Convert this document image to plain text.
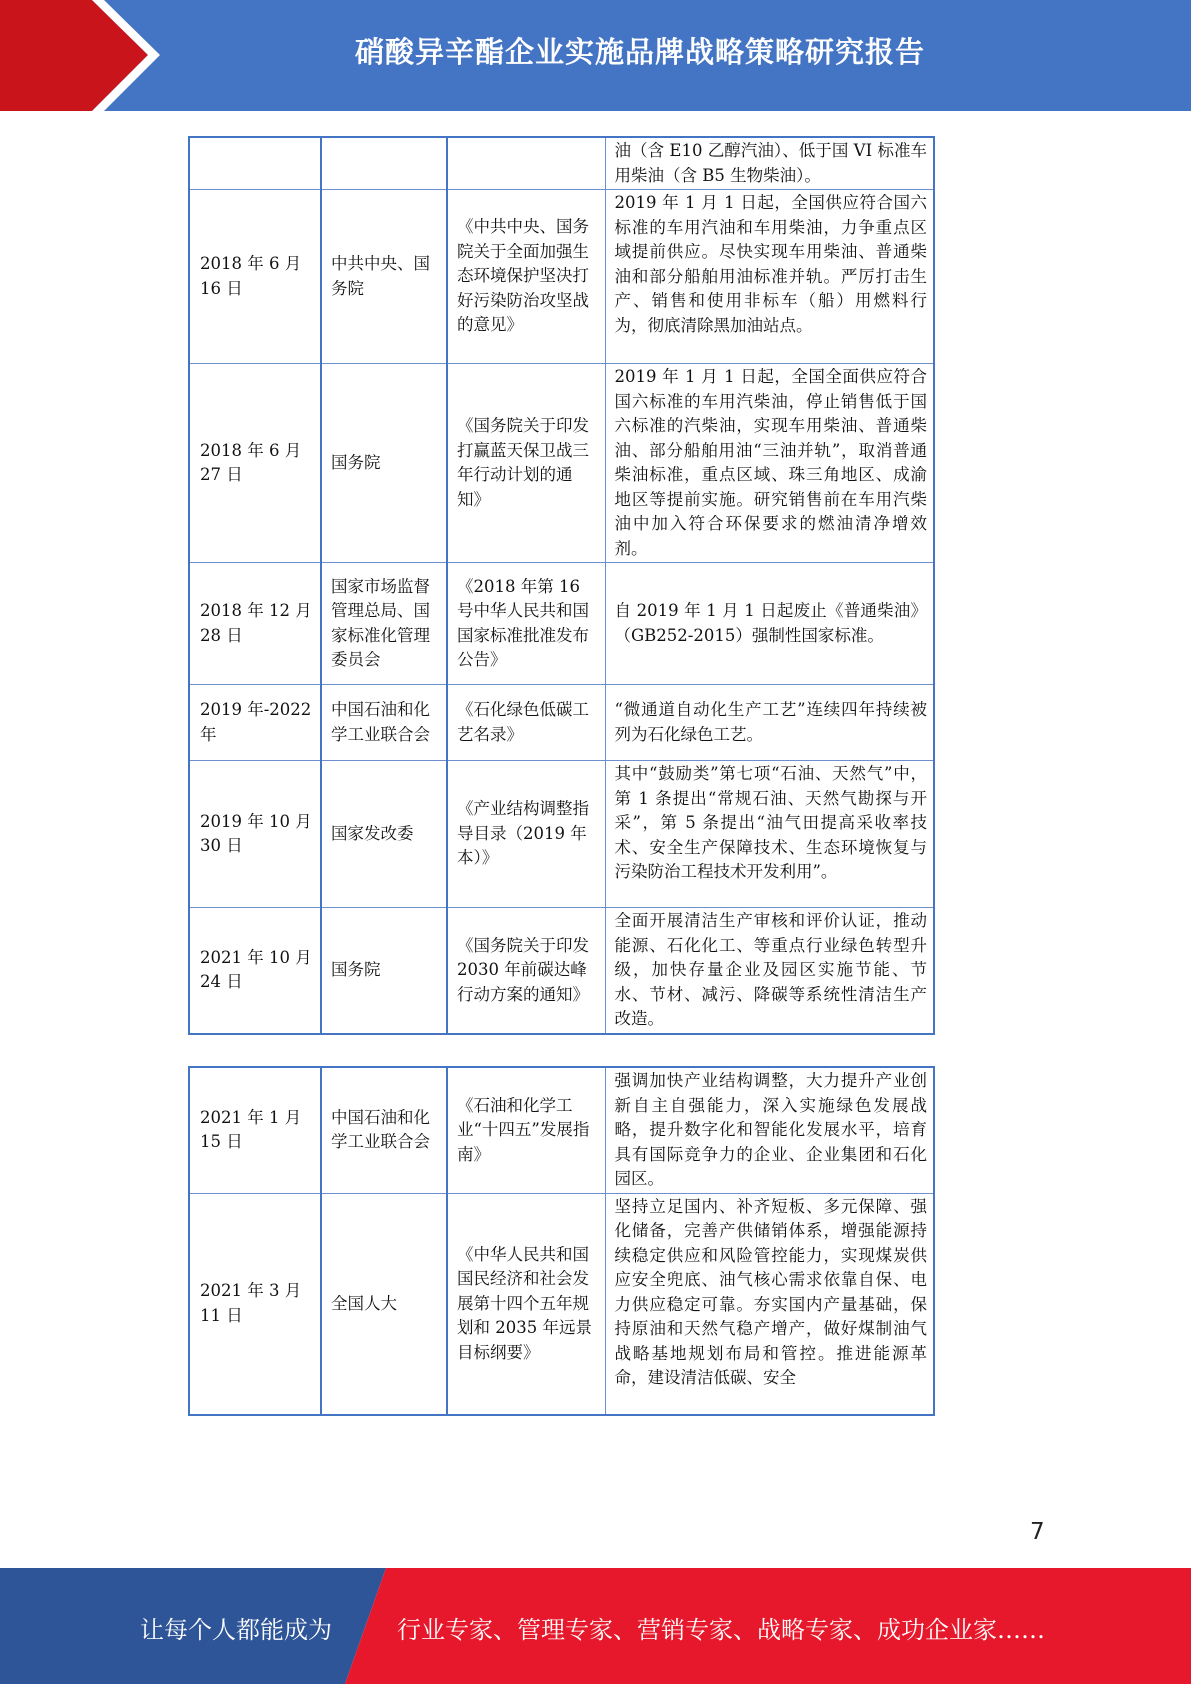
硝酸异辛酯企业实施品牌战略策略研究报告
			油（含 E10 乙醇汽油）、低于国 VI 标准车用柴油（含 B5 生物柴油）。
2018 年 6 月 16 日	中共中央、国务院	《中共中央、国务院关于全面加强生态环境保护坚决打好污染防治攻坚战的意见》	2019 年 1 月 1 日起，全国供应符合国六标准的车用汽油和车用柴油，力争重点区域提前供应。尽快实现车用柴油、普通柴油和部分船舶用油标准并轨。严厉打击生产、销售和使用非标车（船）用燃料行为，彻底清除黑加油站点。
2018 年 6 月 27 日	国务院	《国务院关于印发打赢蓝天保卫战三年行动计划的通知》	2019 年 1 月 1 日起，全国全面供应符合国六标准的车用汽柴油，停止销售低于国六标准的汽柴油，实现车用柴油、普通柴油、部分船舶用油“三油并轨”，取消普通柴油标准，重点区域、珠三角地区、成渝地区等提前实施。研究销售前在车用汽柴油中加入符合环保要求的燃油清净增效剂。
2018 年 12 月 28 日	国家市场监督管理总局、国家标准化管理委员会	《2018 年第 16 号中华人民共和国国家标准批准发布公告》	自 2019 年 1 月 1 日起废止《普通柴油》（GB252-2015）强制性国家标准。
2019 年-2022 年	中国石油和化学工业联合会	《石化绿色低碳工艺名录》	“微通道自动化生产工艺”连续四年持续被列为石化绿色工艺。
2019 年 10 月 30 日	国家发改委	《产业结构调整指导目录（2019 年本）》	其中“鼓励类”第七项“石油、天然气”中，第 1 条提出“常规石油、天然气勘探与开采”，第 5 条提出“油气田提高采收率技术、安全生产保障技术、生态环境恢复与污染防治工程技术开发利用”。
2021 年 10 月 24 日	国务院	《国务院关于印发 2030 年前碳达峰行动方案的通知》	全面开展清洁生产审核和评价认证，推动能源、石化化工、等重点行业绿色转型升级，加快存量企业及园区实施节能、节水、节材、减污、降碳等系统性清洁生产改造。
2021 年 1 月 15 日	中国石油和化学工业联合会	《石油和化学工业“十四五”发展指南》	强调加快产业结构调整，大力提升产业创新自主自强能力，深入实施绿色发展战略，提升数字化和智能化发展水平，培育具有国际竞争力的企业、企业集团和石化园区。
2021 年 3 月 11 日	全国人大	《中华人民共和国国民经济和社会发展第十四个五年规划和 2035 年远景目标纲要》	坚持立足国内、补齐短板、多元保障、强化储备，完善产供储销体系，增强能源持续稳定供应和风险管控能力，实现煤炭供应安全兜底、油气核心需求依靠自保、电力供应稳定可靠。夯实国内产量基础，保持原油和天然气稳产增产，做好煤制油气战略基地规划布局和管控。推进能源革命，建设清洁低碳、安全
7
让每个人都能成为	行业专家、管理专家、营销专家、战略专家、成功企业家……
